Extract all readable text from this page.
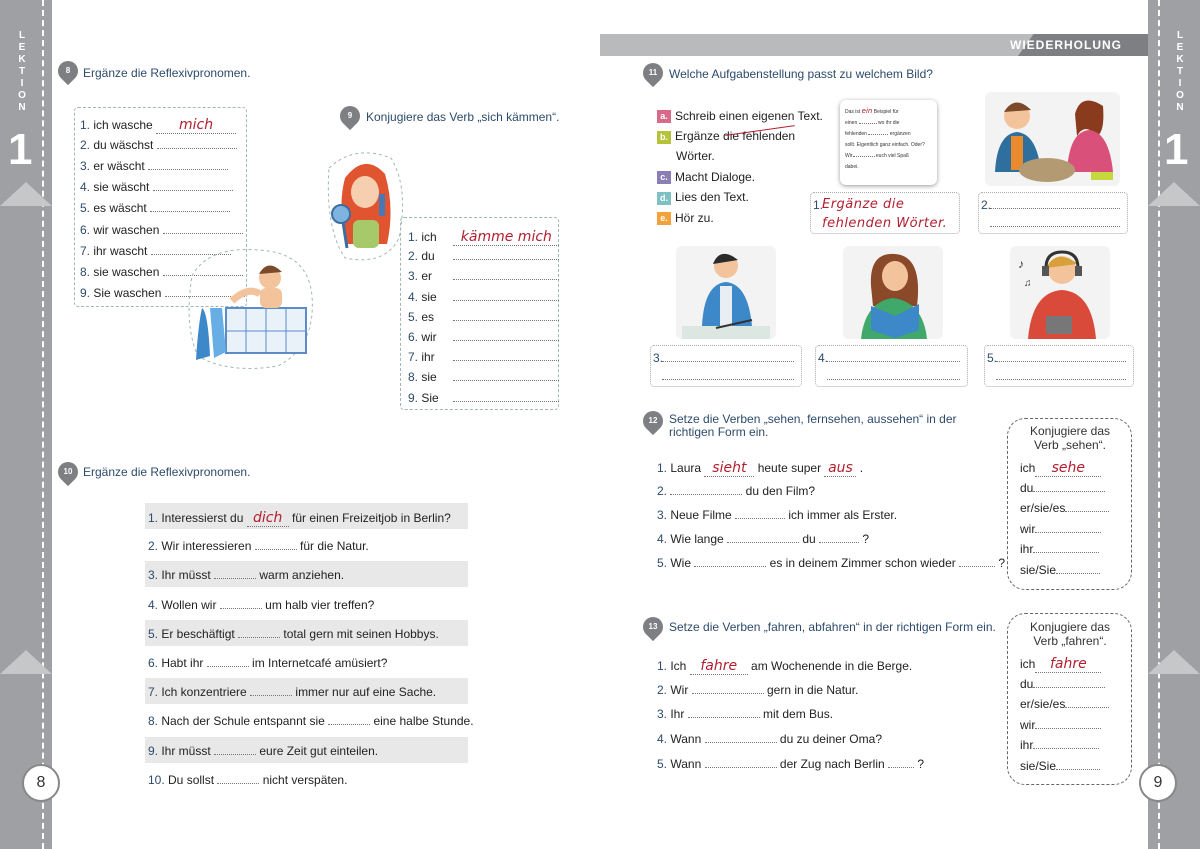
L
E
K
T
I
O
N
1
8
L
E
K
T
I
O
N
1
9
WIEDERHOLUNG
8	Ergänze die Reflexivpronomen.
1. ich wasche mich
2. du wäschst
3. er wäscht
4. sie wäscht
5. es wäscht
6. wir waschen
7. ihr wascht
8. sie waschen
9. Sie waschen
9	Konjugiere das Verb „sich kämmen“.
1. ich kämme mich
2. du
3. er
4. sie
5. es
6. wir
7. ihr
8. sie
9. Sie
10 Ergänze die Reflexivpronomen.
1. Interessierst du dich für einen Freizeitjob in Berlin?
2. Wir interessieren	für die Natur.
3. Ihr müsst	warm anziehen.
4. Wollen wir	um halb vier treffen?
5. Er beschäftigt	total gern mit seinen Hobbys.
6. Habt ihr	im Internetcafé amüsiert?
7. Ich konzentriere	immer nur auf eine Sache.
8. Nach der Schule entspannt sie	eine halbe Stunde.
9. Ihr müsst	eure Zeit gut einteilen.
10. Du sollst	nicht verspäten.
11 Welche Aufgabenstellung passt zu welchem Bild?
a. Schreib einen eigenen Text.
b. Ergänze die fehlenden
Wörter.
c. Macht Dialoge.
d. Lies den Text.
e. Hör zu.
Das ist ein Beispiel für
einen	wo ihr die
fehlenden	ergänzen
sollt. Eigentlich ganz einfach. Oder?
Wir	euch viel Spaß
dabei.
♪
♫
1.
Ergänze die fehlenden Wörter.
2.
3.	4.	5.
12 Setze die Verben „sehen, fernsehen, aussehen“ in der
richtigen Form ein.
1. Laura sieht heute super aus .
2.	du den Film?
3. Neue Filme	ich immer als Erster.
4. Wie lange	du	?
5. Wie	es in deinem Zimmer schon wieder	?
Konjugiere das
Verb „sehen“.
ich sehe
du
er/sie/es
wir
ihr
sie/Sie
13 Setze die Verben „fahren, abfahren“ in der richtigen Form ein.
1. Ich fahre am Wochenende in die Berge.
2. Wir	gern in die Natur.
3. Ihr	mit dem Bus.
4. Wann	du zu deiner Oma?
5. Wann	der Zug nach Berlin  ?
Konjugiere das
Verb „fahren“.
ich fahre
du
er/sie/es
wir
ihr
sie/Sie
